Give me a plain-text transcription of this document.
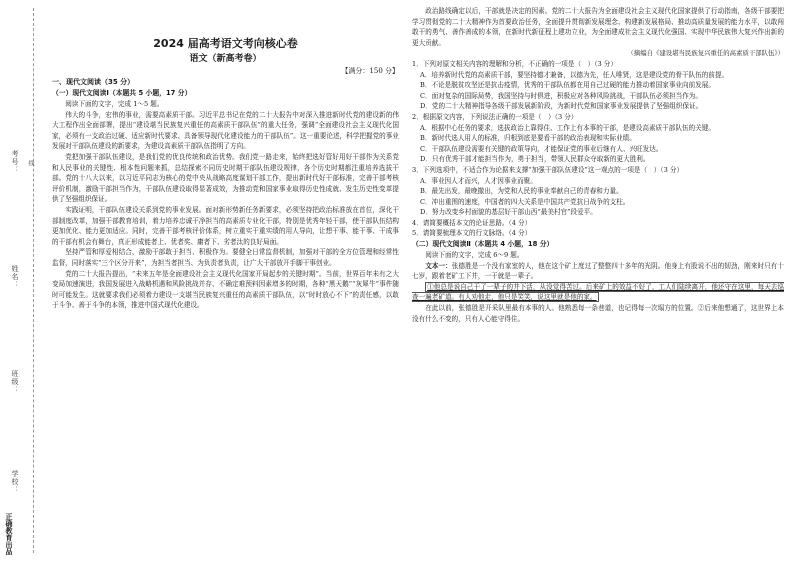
考号：
姓名：
班级：
学校：
线
正确教育出品
2024 届高考语文考向核心卷
语文（新高考卷）
【满分：150 分】
一、现代文阅读（35 分）
（一）现代文阅读Ⅰ（本题共 5 小题，17 分）

阅读下面的文字，完成 1～5 题。

伟大的斗争，宏伟的事业，需要高素质干部。习近平总书记在党的二十大报告中对深入推进新时代党的建设新的伟大工程作出全面部署，提出“建设堪当民族复兴重任的高素质干部队伍”的重大任务，强调“全面建设社会主义现代化国家，必须有一支政治过硬、适应新时代要求、具备领导现代化建设能力的干部队伍”。这一重要论述，科学把握党的事业发展对干部队伍建设的新要求，为建设高素质干部队伍指明了方向。

党把加强干部队伍建设，是我们党的优良传统和政治优势。我们党一路走来，始终把选好管好用好干部作为关系党和人民事业的关键性、根本性问题来抓，总结探索不同历史时期干部队伍建设规律，各个历史时期都注重培养选拔干部。党的十八大以来，以习近平同志为核心的党中央从战略高度谋划干部工作，提出新时代好干部标准，完善干部考核评价机制，激励干部担当作为，干部队伍建设取得显著成效，为推动党和国家事业取得历史性成就、发生历史性变革提供了坚强组织保证。

实践证明，干部队伍建设关系到党的事业发展。面对新形势新任务新要求，必须坚持把政治标准放在首位，深化干部制度改革，加强干部教育培训，着力培养忠诚干净担当的高素质专业化干部，特别是优秀年轻干部，使干部队伍结构更加优化、能力更加适应。同时，完善干部考核评价体系，树立重实干重实绩的用人导向，让想干事、能干事、干成事的干部有机会有舞台，真正形成能者上、优者奖、庸者下、劣者汰的良好局面。

坚持严管和厚爱相结合，激励干部敢于担当、积极作为。要健全日常监督机制，加强对干部的全方位管理和经常性监督，同时落实“三个区分开来”，为担当者担当、为负责者负责，让广大干部放开手脚干事创业。

党的二十大报告提出，“未来五年是全面建设社会主义现代化国家开局起步的关键时期”。当前，世界百年未有之大变局加速演进，我国发展进入战略机遇和风险挑战并存、不确定难预料因素增多的时期，各种“黑天鹅”“灰犀牛”事件随时可能发生。这就要求我们必须着力建设一支堪当民族复兴重任的高素质干部队伍，以“时时放心不下”的责任感，以敢于斗争、善于斗争的本领，推进中国式现代化建设。

政治路线确定以后，干部就是决定的因素。党的二十大报告为全面建设社会主义现代化国家提供了行动指南，各级干部要把学习贯彻党的二十大精神作为首要政治任务，全面提升贯彻新发展理念、构建新发展格局、推动高质量发展的能力水平，以敢闯敢干的勇气、善作善成的本领，在新时代新征程上建功立业，为全面建成社会主义现代化强国、实现中华民族伟大复兴作出新的更大贡献。

（摘编自《建设堪当民族复兴重任的高素质干部队伍》）

1．下列对原文相关内容的理解和分析，不正确的一项是（　）（3 分）

A．培养新时代党的高素质干部，要坚持德才兼备，以德为先，任人唯贤，这是建设党的骨干队伍的前提。

B．不论是脱贫攻坚还是抗击疫情，优秀的干部队伍都在用自己过硬的能力推动着国家事业向前发展。

C．面对复杂的国际局势，我国坚持与时俱进，积极应对各种风险挑战，干部队伍必须担当作为。

D．党的二十大精神指导各级干部发展新阶段，为新时代党和国家事业发展提供了坚强组织保证。

2．根据原文内容，下列说法正确的一项是（　）（3 分）

A．根据中心任务的要求，选拔政治上靠得住、工作上有本事的干部，是建设高素质干部队伍的关键。

B．新时代选人用人的标准，归根到底是要看干部的政治表现和实际业绩。

C．干部队伍建设需要有关键的政策导向，才能保证党的事业后继有人、兴旺发达。

D．只有优秀干部才能担当作为，勇于担当，带领人民群众夺取新的更大胜利。

3．下列选项中，不适合作为论据来支撑“加强干部队伍建设”这一观点的一项是（　）（3 分）

A．事业因人才而兴，人才因事业而聚。

B．最先出发，最晚撤出，为党和人民的事业奉献自己的青春和力量。

C．冲出重围的速度，中国者的四大关系是中国共产党抗日战争的支柱。

D．努力改变乡村面貌的基层好干部山西“最美村官”段爱平。

4．请简要概括本文的论证思路。（4 分）

5．请简要梳理本文的行文脉络。（4 分）

（二）现代文阅读Ⅱ（本题共 4 小题，18 分）

阅读下面的文字，完成 6～9 题。

文本一：张德胜是一个没有家室的人，他在这个矿上度过了整整四十多年的光阴。他身上有股说不出的韧劲，刚来时只有十七岁，跟着老矿工下井，一干就是一辈子。

①他总是说自己干了一辈子的井下活，从没觉得苦过。后来矿上的效益不好了，工人们陆续离开，他还守在这里，每天去巡查一遍老矿道。有人劝他走，他只是笑笑，说这里就是他的家。

在此以前，张德胜是开采队里最有本事的人。他熟悉每一条巷道，也记得每一次塌方的位置。②后来他想通了，这世界上本没有什么不变的，只有人心能守得住。
